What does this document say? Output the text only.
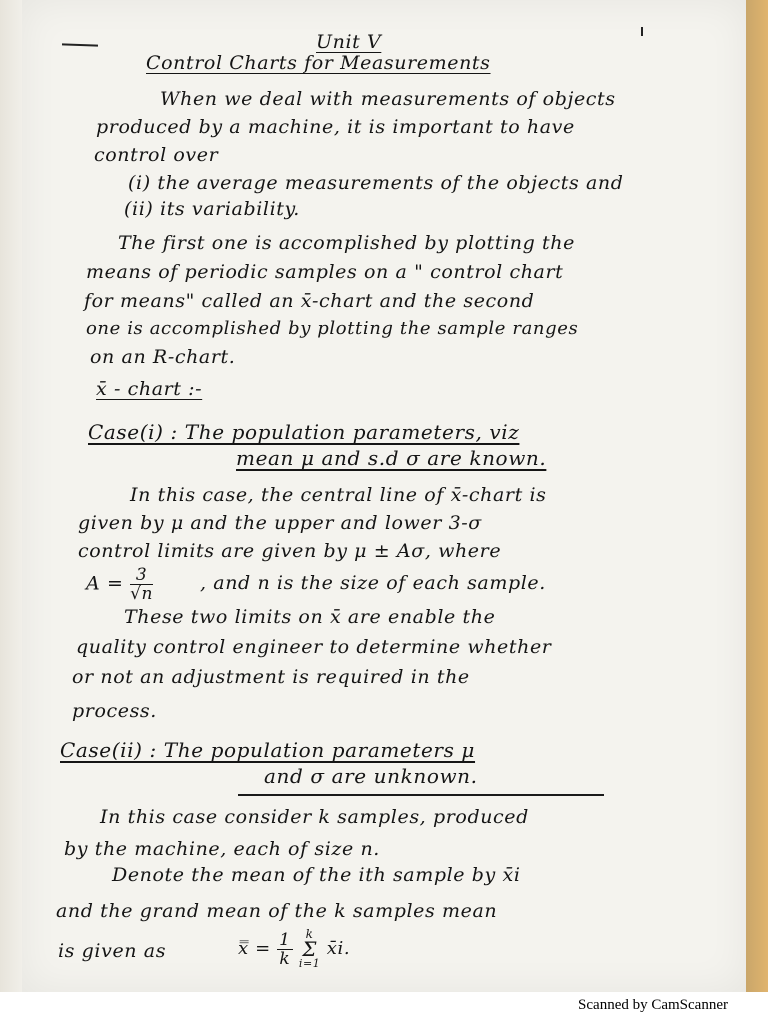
Unit V
Control Charts for Measurements
When we deal with measurements of objects
produced by a machine, it is important to have
control over
(i) the average measurements of the objects and
(ii) its variability.
The first one is accomplished by plotting the
means of periodic samples on a " control chart
for means" called an x̄-chart and the second
one is accomplished by plotting the sample ranges
on an R-chart.
x̄ - chart :-
Case(i) : The population parameters, viz
mean μ and s.d σ are known.
In this case, the central line of x̄-chart is
given by μ and the upper and lower 3-σ
control limits are given by μ ± Aσ, where
$A = \frac{3}{√n}$ , and n is the size of each sample.
These two limits on x̄ are enable the
quality control engineer to determine whether
or not an adjustment is required in the
process.
Case(ii) : The population parameters μ
and σ are unknown.
In this case consider k samples, produced
by the machine, each of size n.
Denote the mean of the ith sample by x̄i
and the grand mean of the k samples mean
is given as	x̿ = $\frac{1}{k}$
	k
Σ
i=1
x̄i.
Scanned by CamScanner
